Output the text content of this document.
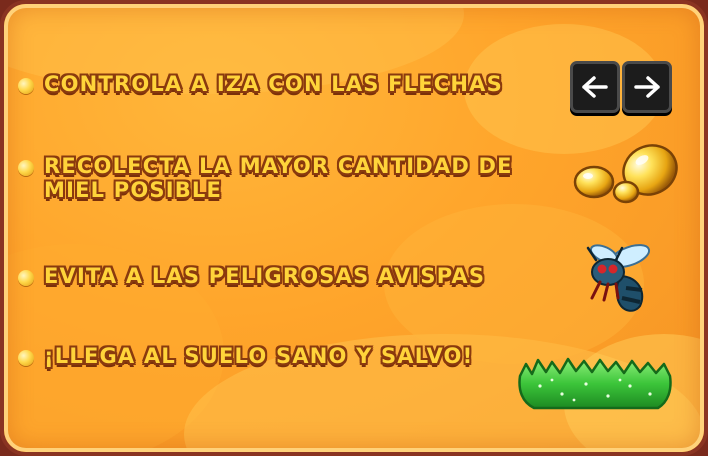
CONTROLA A IZA CON LAS FLECHAS
RECOLECTA LA MAYOR CANTIDAD DE
MIEL POSIBLE
EVITA A LAS PELIGROSAS AVISPAS
¡LLEGA AL SUELO SANO Y SALVO!
